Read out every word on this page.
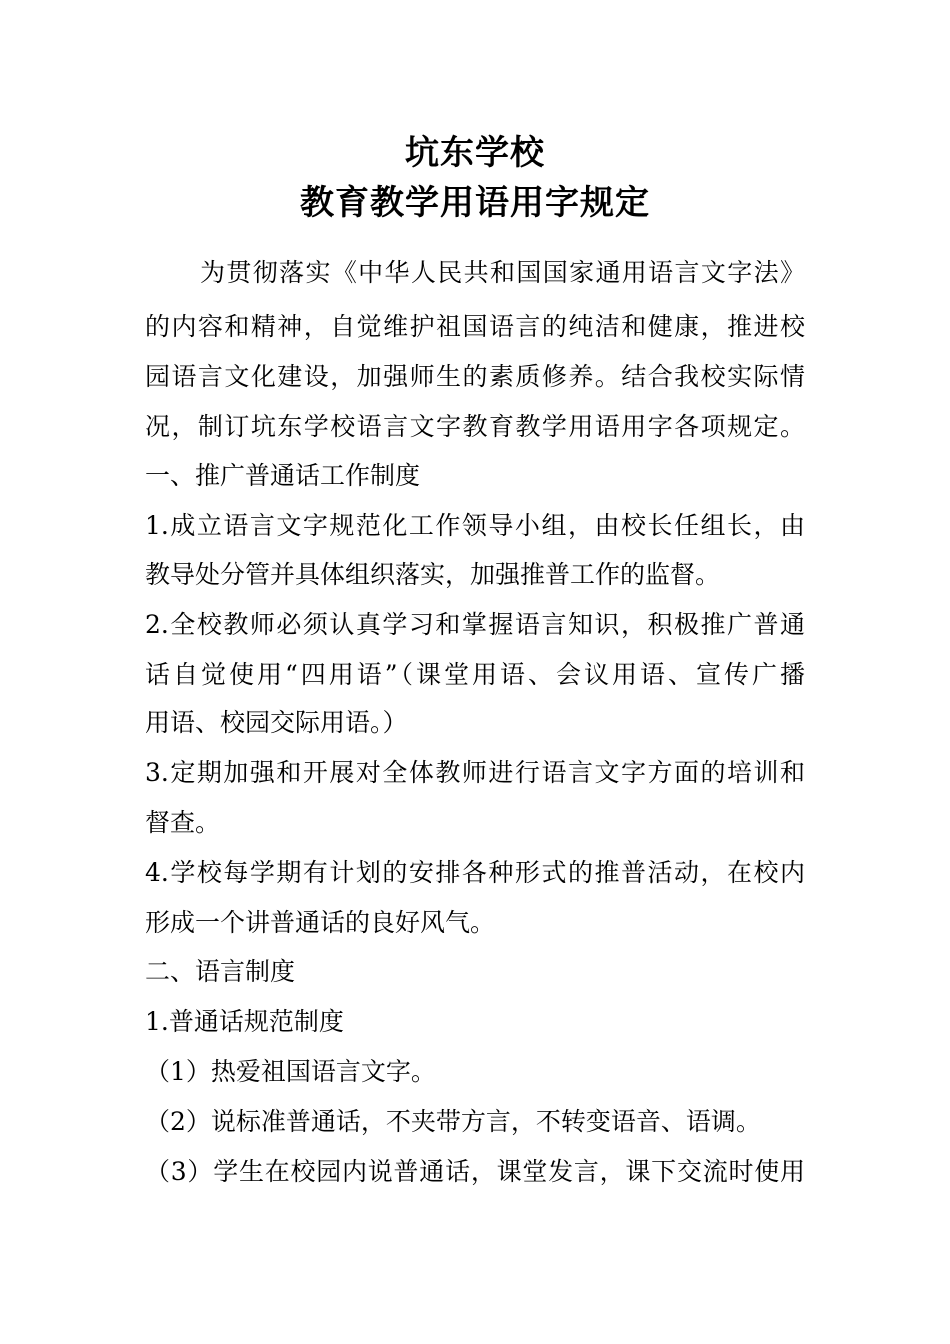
坑东学校
教育教学用语用字规定
为贯彻落实《中华人民共和国国家通用语言文字法》
的内容和精神，自觉维护祖国语言的纯洁和健康，推进校
园语言文化建设，加强师生的素质修养。结合我校实际情
况，制订坑东学校语言文字教育教学用语用字各项规定。
一、推广普通话工作制度
1.成立语言文字规范化工作领导小组，由校长任组长，由
教导处分管并具体组织落实，加强推普工作的监督。
2.全校教师必须认真学习和掌握语言知识，积极推广普通
话自觉使用“四用语”（课堂用语、会议用语、宣传广播
用语、校园交际用语。）
3.定期加强和开展对全体教师进行语言文字方面的培训和
督查。
4.学校每学期有计划的安排各种形式的推普活动，在校内
形成一个讲普通话的良好风气。
二、语言制度
1.普通话规范制度
（1）热爱祖国语言文字。
（2）说标准普通话，不夹带方言，不转变语音、语调。
（3）学生在校园内说普通话，课堂发言，课下交流时使用
